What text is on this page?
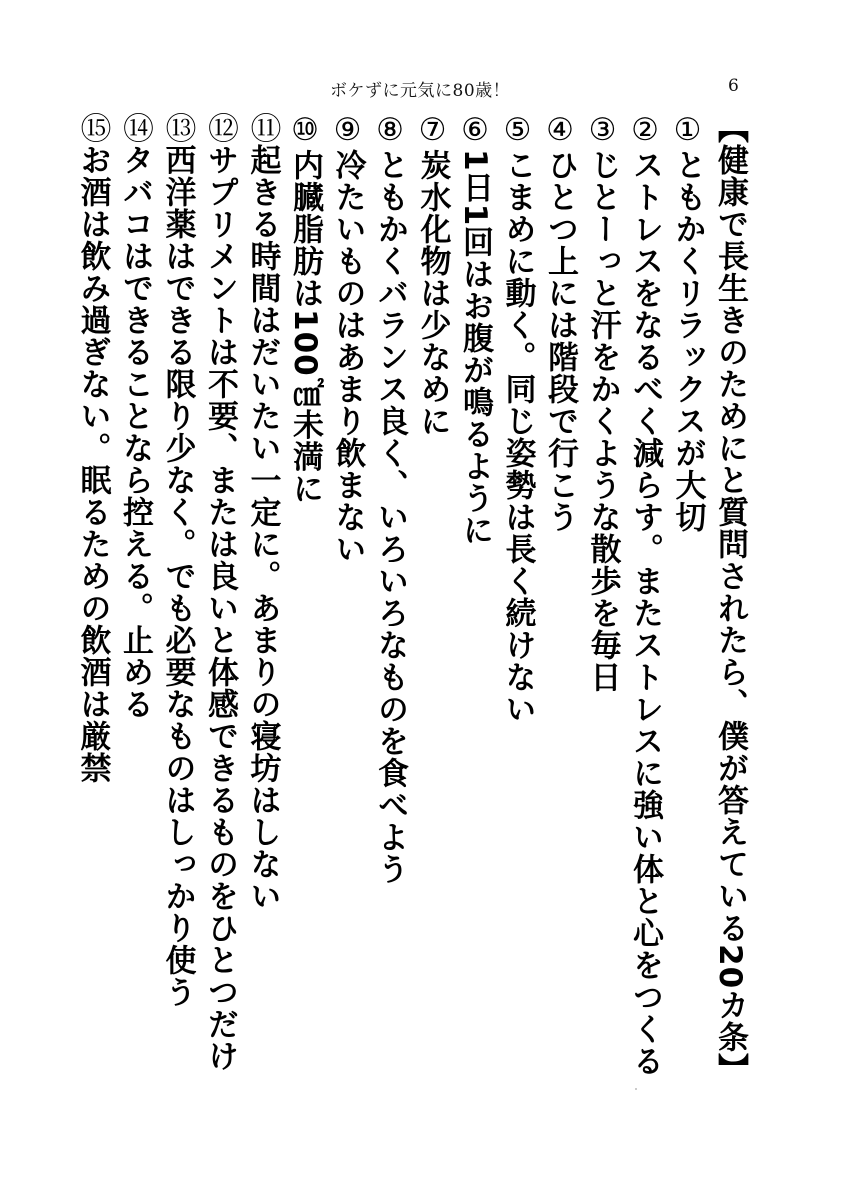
ボケずに元気に80歳！	6
【健康で長生きのためにと質問されたら、僕が答えている20カ条】
①ともかくリラックスが大切
②ストレスをなるべく減らす。またストレスに強い体と心をつくる
③じとーっと汗をかくような散歩を毎日
④ひとつ上には階段で行こう
⑤こまめに動く。同じ姿勢は長く続けない
⑥1日1回はお腹が鳴るように
⑦炭水化物は少なめに
⑧ともかくバランス良く、いろいろなものを食べよう
⑨冷たいものはあまり飲まない
⑩内臓脂肪は100㎠未満に
⑪起きる時間はだいたい一定に。あまりの寝坊はしない
⑫サプリメントは不要、または良いと体感できるものをひとつだけ
⑬西洋薬はできる限り少なく。でも必要なものはしっかり使う
⑭タバコはできることなら控える。止める
⑮お酒は飲み過ぎない。眠るための飲酒は厳禁
